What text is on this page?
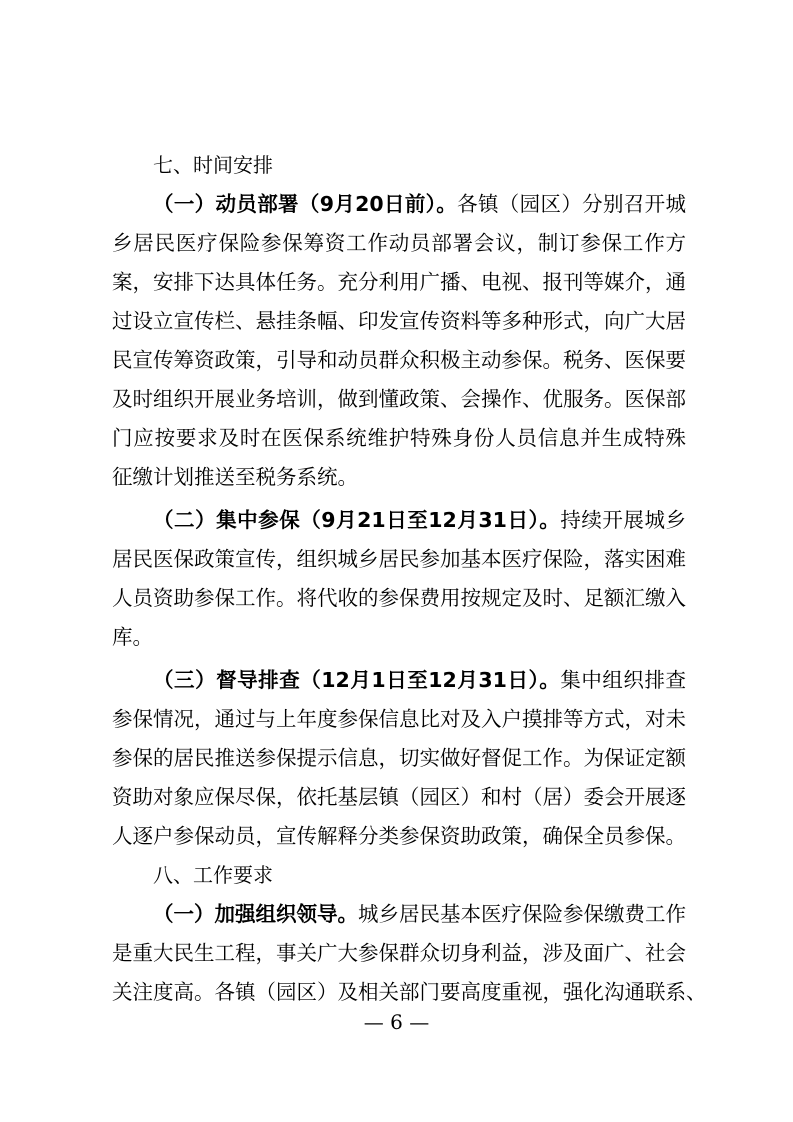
七、时间安排
（一）动员部署（9月20日前）。各镇（园区）分别召开城
乡居民医疗保险参保筹资工作动员部署会议，制订参保工作方
案，安排下达具体任务。充分利用广播、电视、报刊等媒介，通
过设立宣传栏、悬挂条幅、印发宣传资料等多种形式，向广大居
民宣传筹资政策，引导和动员群众积极主动参保。税务、医保要
及时组织开展业务培训，做到懂政策、会操作、优服务。医保部
门应按要求及时在医保系统维护特殊身份人员信息并生成特殊
征缴计划推送至税务系统。
（二）集中参保（9月21日至12月31日）。持续开展城乡
居民医保政策宣传，组织城乡居民参加基本医疗保险，落实困难
人员资助参保工作。将代收的参保费用按规定及时、足额汇缴入
库。
（三）督导排查（12月1日至12月31日）。集中组织排查
参保情况，通过与上年度参保信息比对及入户摸排等方式，对未
参保的居民推送参保提示信息，切实做好督促工作。为保证定额
资助对象应保尽保，依托基层镇（园区）和村（居）委会开展逐
人逐户参保动员，宣传解释分类参保资助政策，确保全员参保。
八、工作要求
（一）加强组织领导。城乡居民基本医疗保险参保缴费工作
是重大民生工程，事关广大参保群众切身利益，涉及面广、社会
关注度高。各镇（园区）及相关部门要高度重视，强化沟通联系、
— 6 —
